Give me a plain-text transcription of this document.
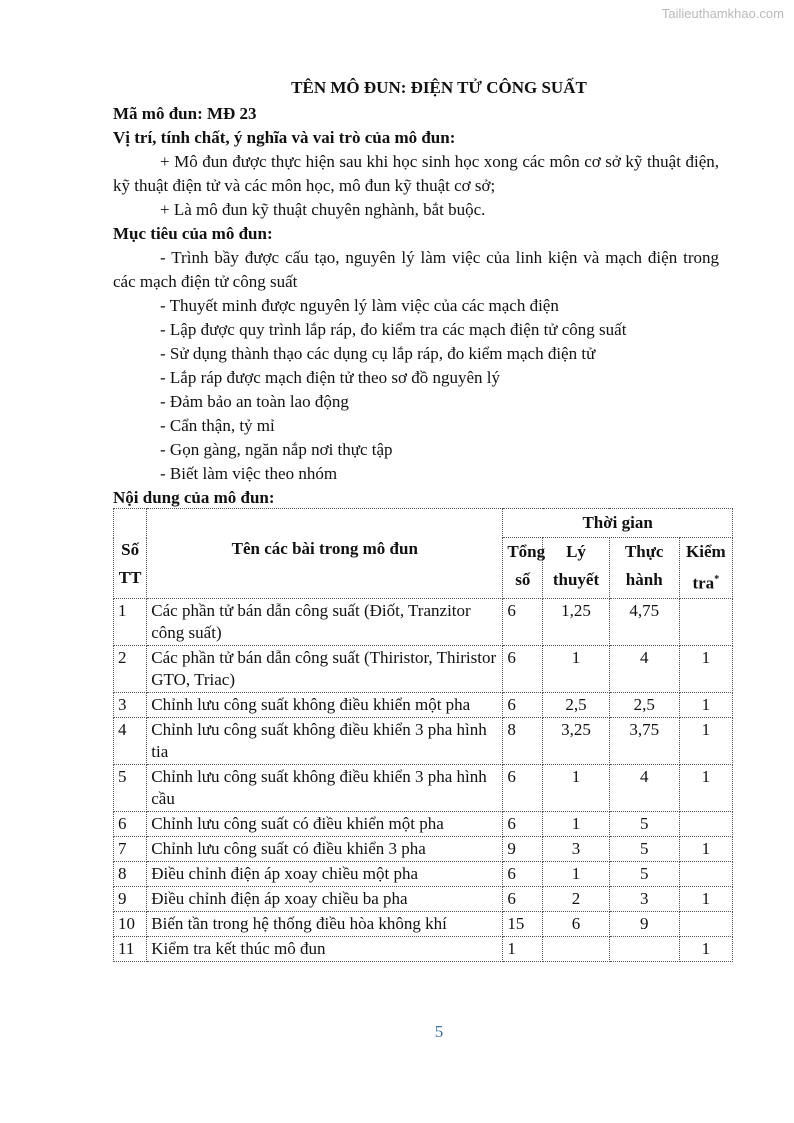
Tailieuthamkhao.com
TÊN MÔ ĐUN: ĐIỆN TỬ CÔNG SUẤT

Mã mô đun: MĐ 23

Vị trí, tính chất, ý nghĩa và vai trò của mô đun:

+ Mô đun được thực hiện sau khi học sinh học xong các môn cơ sở kỹ thuật điện, kỹ thuật điện tử và các môn học, mô đun kỹ thuật cơ sở;

+ Là mô đun kỹ thuật chuyên nghành, bắt buộc.

Mục tiêu của mô đun:

- Trình bầy được cấu tạo, nguyên lý làm việc của linh kiện và mạch điện trong các mạch điện tử công suất

- Thuyết minh được nguyên lý làm việc của các mạch điện

- Lập được quy trình lắp ráp, đo kiểm tra các mạch điện tử công suất

- Sử dụng thành thạo các dụng cụ lắp ráp, đo kiểm mạch điện tử

- Lắp ráp được mạch điện tử theo sơ đồ nguyên lý

- Đảm bảo an toàn lao động

- Cẩn thận, tỷ mỉ

- Gọn gàng, ngăn nắp nơi thực tập

- Biết làm việc theo nhóm

Nội dung của mô đun:

Số TT	Tên các bài trong mô đun	Thời gian			
		Tổng số	Lý thuyết	Thực hành	Kiểm tra*
1	Các phần tử bán dẫn công suất (Điốt, Tranzitor công suất)	6	1,25	4,75	
2	Các phần tử bán dẫn công suất (Thiristor, Thiristor GTO, Triac)	6	1	4	1
3	Chỉnh lưu công suất không điều khiển một pha	6	2,5	2,5	1
4	Chỉnh lưu công suất không điều khiển 3 pha hình tia	8	3,25	3,75	1
5	Chỉnh lưu công suất không điều khiển 3 pha hình cầu	6	1	4	1
6	Chỉnh lưu công suất có điều khiển một pha	6	1	5	
7	Chỉnh lưu công suất có điều khiển 3 pha	9	3	5	1
8	Điều chỉnh điện áp xoay chiều một pha	6	1	5	
9	Điều chỉnh điện áp xoay chiều ba pha	6	2	3	1
10	Biến tần trong hệ thống điều hòa không khí	15	6	9	
11	Kiểm tra kết thúc mô đun	1			1
5
